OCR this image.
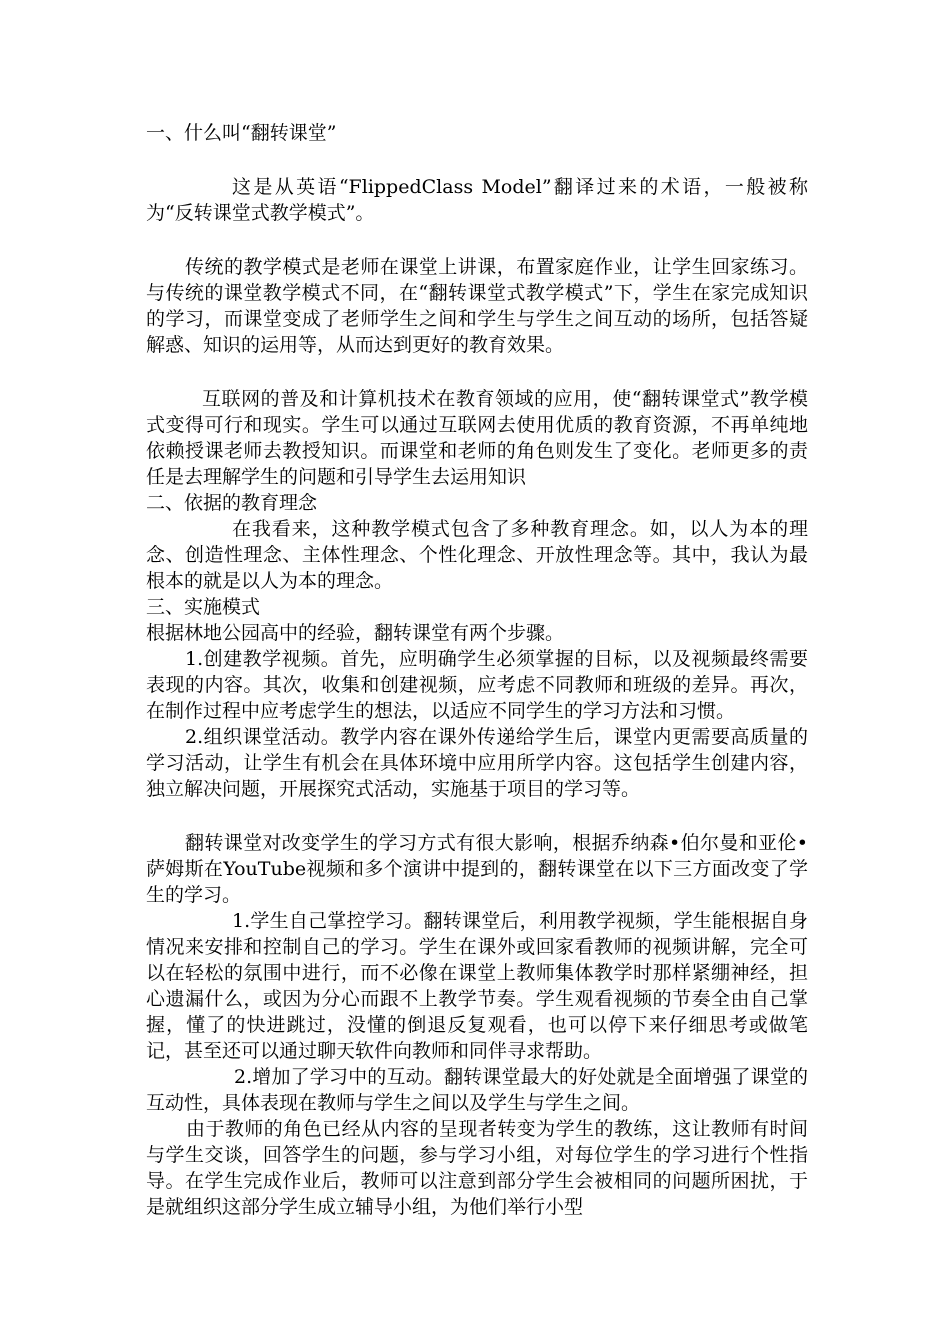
一、什么叫“翻转课堂”

这是从英语“FlippedClass Model”翻译过来的术语，一般被称为“反转课堂式教学模式”。

传统的教学模式是老师在课堂上讲课，布置家庭作业，让学生回家练习。与传统的课堂教学模式不同，在“翻转课堂式教学模式”下，学生在家完成知识的学习，而课堂变成了老师学生之间和学生与学生之间互动的场所，包括答疑解惑、知识的运用等，从而达到更好的教育效果。

互联网的普及和计算机技术在教育领域的应用，使“翻转课堂式”教学模式变得可行和现实。学生可以通过互联网去使用优质的教育资源，不再单纯地依赖授课老师去教授知识。而课堂和老师的角色则发生了变化。老师更多的责任是去理解学生的问题和引导学生去运用知识

二、依据的教育理念

在我看来，这种教学模式包含了多种教育理念。如，以人为本的理念、创造性理念、主体性理念、个性化理念、开放性理念等。其中，我认为最根本的就是以人为本的理念。

三、实施模式

根据林地公园高中的经验，翻转课堂有两个步骤。

1.创建教学视频。首先，应明确学生必须掌握的目标，以及视频最终需要表现的内容。其次，收集和创建视频，应考虑不同教师和班级的差异。再次，在制作过程中应考虑学生的想法，以适应不同学生的学习方法和习惯。

2.组织课堂活动。教学内容在课外传递给学生后，课堂内更需要高质量的学习活动，让学生有机会在具体环境中应用所学内容。这包括学生创建内容，独立解决问题，开展探究式活动，实施基于项目的学习等。

翻转课堂对改变学生的学习方式有很大影响，根据乔纳森•伯尔曼和亚伦•萨姆斯在YouTube视频和多个演讲中提到的，翻转课堂在以下三方面改变了学生的学习。

1.学生自己掌控学习。翻转课堂后，利用教学视频，学生能根据自身情况来安排和控制自己的学习。学生在课外或回家看教师的视频讲解，完全可以在轻松的氛围中进行，而不必像在课堂上教师集体教学时那样紧绷神经，担心遗漏什么，或因为分心而跟不上教学节奏。学生观看视频的节奏全由自己掌握，懂了的快进跳过，没懂的倒退反复观看，也可以停下来仔细思考或做笔记，甚至还可以通过聊天软件向教师和同伴寻求帮助。

2.增加了学习中的互动。翻转课堂最大的好处就是全面增强了课堂的互动性，具体表现在教师与学生之间以及学生与学生之间。

由于教师的角色已经从内容的呈现者转变为学生的教练，这让教师有时间与学生交谈，回答学生的问题，参与学习小组，对每位学生的学习进行个性指导。在学生完成作业后，教师可以注意到部分学生会被相同的问题所困扰，于是就组织这部分学生成立辅导小组，为他们举行小型
